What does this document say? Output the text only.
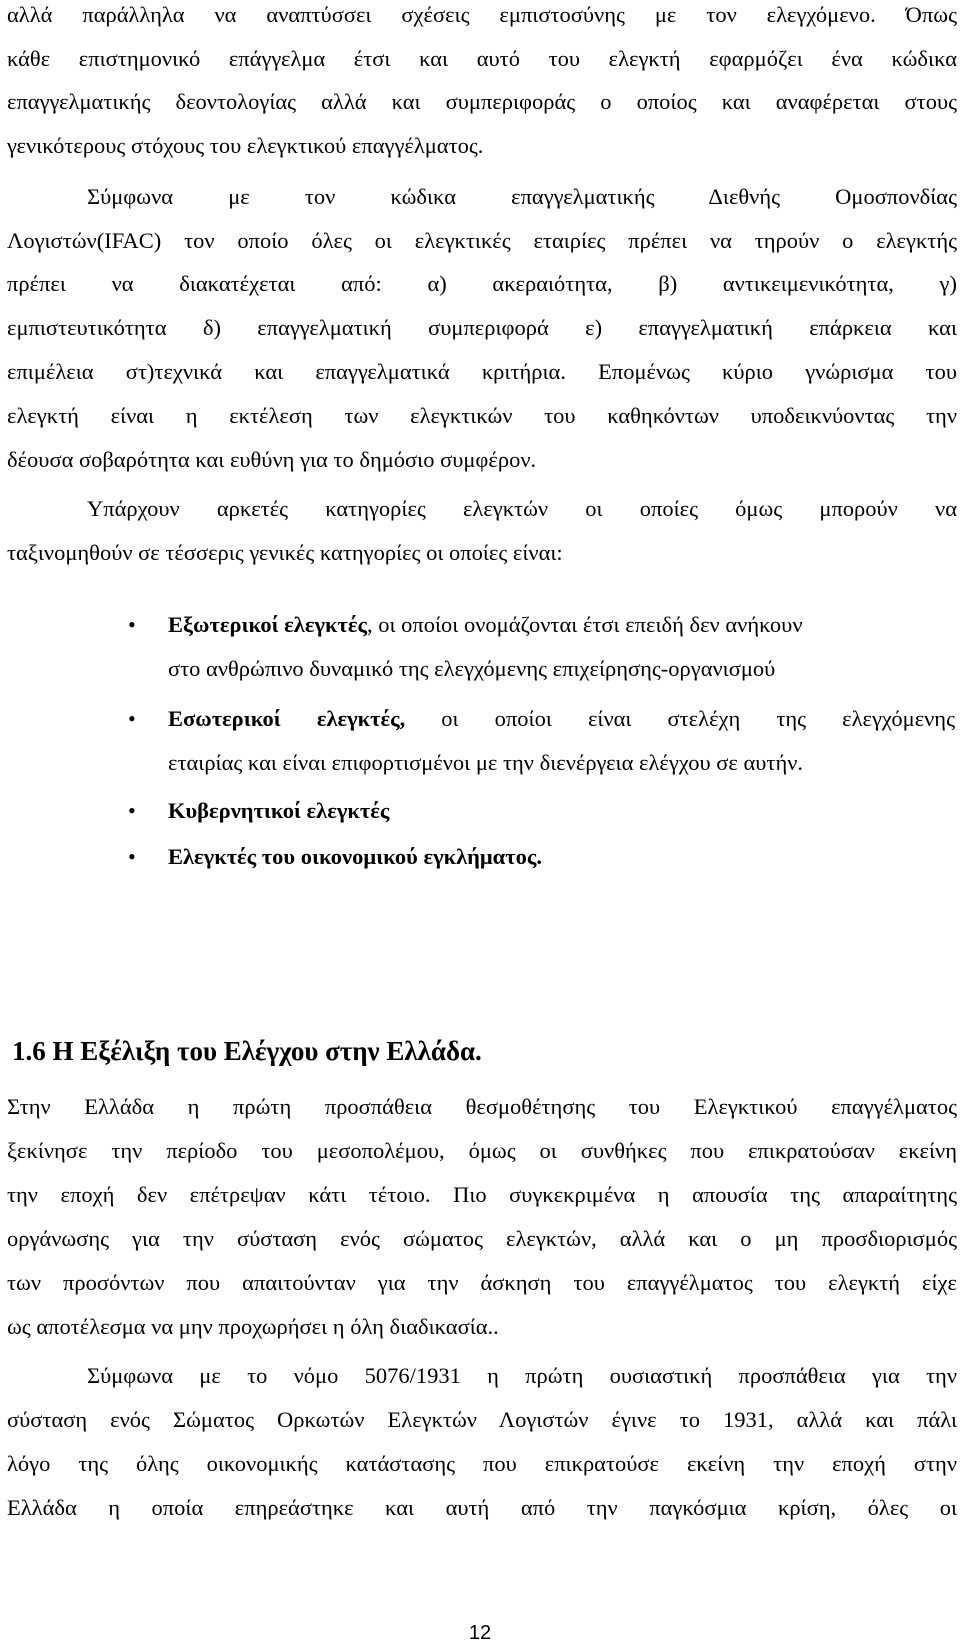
αλλά παράλληλα να αναπτύσσει σχέσεις εμπιστοσύνης με τον ελεγχόμενο. Όπως

κάθε επιστημονικό επάγγελμα έτσι και αυτό του ελεγκτή εφαρμόζει ένα κώδικα

επαγγελματικής δεοντολογίας αλλά και συμπεριφοράς ο οποίος και αναφέρεται στους

γενικότερους στόχους του ελεγκτικού επαγγέλματος.

Σύμφωνα με τον κώδικα επαγγελματικής Διεθνής Ομοσπονδίας

Λογιστών(IFAC) τον οποίο όλες οι ελεγκτικές εταιρίες πρέπει να τηρούν ο ελεγκτής

πρέπει να διακατέχεται από: α) ακεραιότητα, β) αντικειμενικότητα, γ)

εμπιστευτικότητα δ) επαγγελματική συμπεριφορά ε) επαγγελματική επάρκεια και

επιμέλεια στ)τεχνικά και επαγγελματικά κριτήρια. Επομένως κύριο γνώρισμα του

ελεγκτή είναι η εκτέλεση των ελεγκτικών του καθηκόντων υποδεικνύοντας την

δέουσα σοβαρότητα και ευθύνη για το δημόσιο συμφέρον.

Υπάρχουν αρκετές κατηγορίες ελεγκτών οι οποίες όμως μπορούν να

ταξινομηθούν σε τέσσερις γενικές κατηγορίες οι οποίες είναι:

• Εξωτερικοί ελεγκτές, οι οποίοι ονομάζονται έτσι επειδή δεν ανήκουν

στο ανθρώπινο δυναμικό της ελεγχόμενης επιχείρησης-οργανισμού

• Εσωτερικοί ελεγκτές, οι οποίοι είναι στελέχη της ελεγχόμενης

εταιρίας και είναι επιφορτισμένοι με την διενέργεια ελέγχου σε αυτήν.

• Κυβερνητικοί ελεγκτές

• Ελεγκτές του οικονομικού εγκλήματος.

1.6 Η Εξέλιξη του Ελέγχου στην Ελλάδα.

Στην Ελλάδα η πρώτη προσπάθεια θεσμοθέτησης του Ελεγκτικού επαγγέλματος

ξεκίνησε την περίοδο του μεσοπολέμου, όμως οι συνθήκες που επικρατούσαν εκείνη

την εποχή δεν επέτρεψαν κάτι τέτοιο. Πιο συγκεκριμένα η απουσία της απαραίτητης

οργάνωσης για την σύσταση ενός σώματος ελεγκτών, αλλά και ο μη προσδιορισμός

των προσόντων που απαιτούνταν για την άσκηση του επαγγέλματος του ελεγκτή είχε

ως αποτέλεσμα να μην προχωρήσει η όλη διαδικασία..

Σύμφωνα με το νόμο 5076/1931 η πρώτη ουσιαστική προσπάθεια για την

σύσταση ενός Σώματος Ορκωτών Ελεγκτών Λογιστών έγινε το 1931, αλλά και πάλι

λόγο της όλης οικονομικής κατάστασης που επικρατούσε εκείνη την εποχή στην

Ελλάδα η οποία επηρεάστηκε και αυτή από την παγκόσμια κρίση, όλες οι

12
